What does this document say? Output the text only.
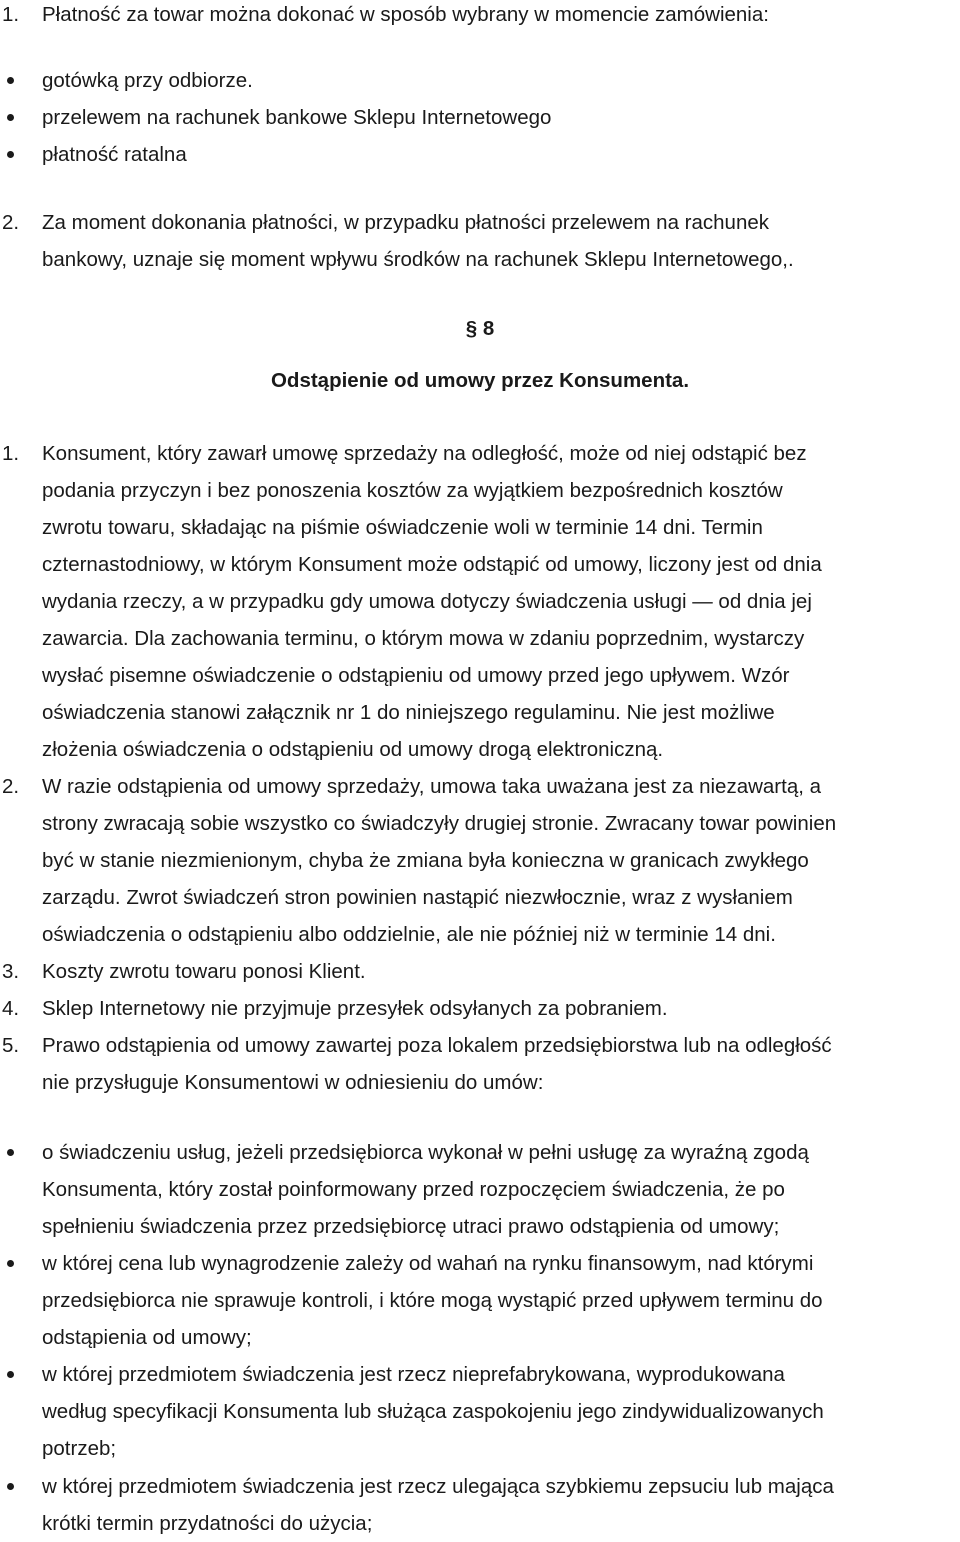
1. Płatność za towar można dokonać w sposób wybrany w momencie zamówienia:
gotówką przy odbiorze.
przelewem na rachunek bankowe Sklepu Internetowego
płatność ratalna
2. Za moment dokonania płatności, w przypadku płatności przelewem na rachunek
bankowy, uznaje się moment wpływu środków na rachunek Sklepu Internetowego,.
§ 8
Odstąpienie od umowy przez Konsumenta.
1. Konsument, który zawarł umowę sprzedaży na odległość, może od niej odstąpić bez
podania przyczyn i bez ponoszenia kosztów za wyjątkiem bezpośrednich kosztów
zwrotu towaru, składając na piśmie oświadczenie woli w terminie 14 dni. Termin
czternastodniowy, w którym Konsument może odstąpić od umowy, liczony jest od dnia
wydania rzeczy, a w przypadku gdy umowa dotyczy świadczenia usługi — od dnia jej
zawarcia. Dla zachowania terminu, o którym mowa w zdaniu poprzednim, wystarczy
wysłać pisemne oświadczenie o odstąpieniu od umowy przed jego upływem. Wzór
oświadczenia stanowi załącznik nr 1 do niniejszego regulaminu. Nie jest możliwe
złożenia oświadczenia o odstąpieniu od umowy drogą elektroniczną.
2. W razie odstąpienia od umowy sprzedaży, umowa taka uważana jest za niezawartą, a
strony zwracają sobie wszystko co świadczyły drugiej stronie. Zwracany towar powinien
być w stanie niezmienionym, chyba że zmiana była konieczna w granicach zwykłego
zarządu. Zwrot świadczeń stron powinien nastąpić niezwłocznie, wraz z wysłaniem
oświadczenia o odstąpieniu albo oddzielnie, ale nie później niż w terminie 14 dni.
3. Koszty zwrotu towaru ponosi Klient.
4. Sklep Internetowy nie przyjmuje przesyłek odsyłanych za pobraniem.
5. Prawo odstąpienia od umowy zawartej poza lokalem przedsiębiorstwa lub na odległość
nie przysługuje Konsumentowi w odniesieniu do umów:
o świadczeniu usług, jeżeli przedsiębiorca wykonał w pełni usługę za wyraźną zgodą
Konsumenta, który został poinformowany przed rozpoczęciem świadczenia, że po
spełnieniu świadczenia przez przedsiębiorcę utraci prawo odstąpienia od umowy;
w której cena lub wynagrodzenie zależy od wahań na rynku finansowym, nad którymi
przedsiębiorca nie sprawuje kontroli, i które mogą wystąpić przed upływem terminu do
odstąpienia od umowy;
w której przedmiotem świadczenia jest rzecz nieprefabrykowana, wyprodukowana
według specyfikacji Konsumenta lub służąca zaspokojeniu jego zindywidualizowanych
potrzeb;
w której przedmiotem świadczenia jest rzecz ulegająca szybkiemu zepsuciu lub mająca
krótki termin przydatności do użycia;
